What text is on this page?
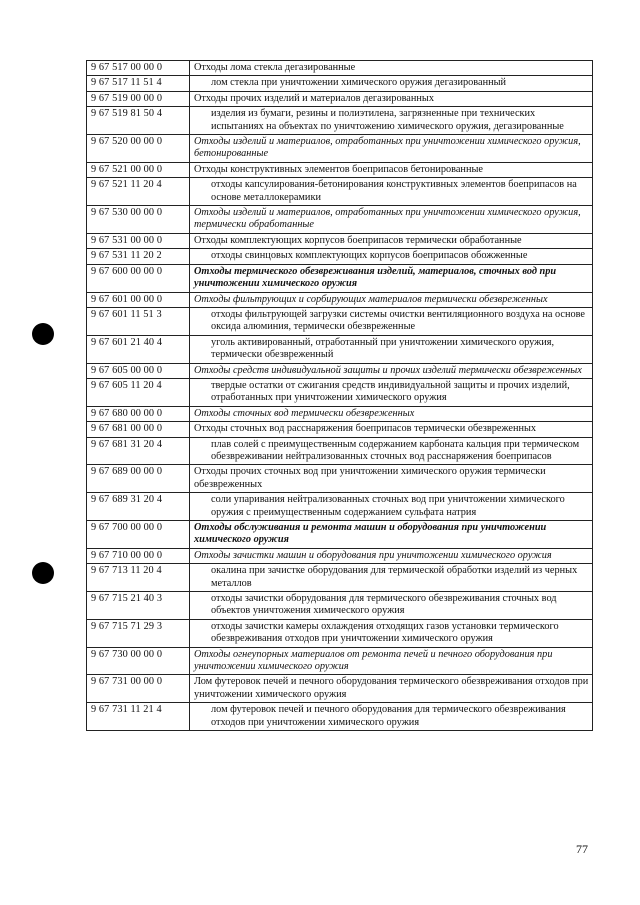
9 67 517 00 00 0	Отходы лома стекла дегазированные
9 67 517 11 51 4	лом стекла при уничтожении химического оружия дегазированный
9 67 519 00 00 0	Отходы прочих изделий и материалов дегазированных
9 67 519 81 50 4	изделия из бумаги, резины и полиэтилена, загрязненные при технических испытаниях на объектах по уничтожению химического оружия, дегазированные
9 67 520 00 00 0	Отходы изделий и материалов, отработанных при уничтожении химического оружия, бетонированные
9 67 521 00 00 0	Отходы конструктивных элементов боеприпасов бетонированные
9 67 521 11 20 4	отходы капсулирования-бетонирования конструктивных элементов боеприпасов на основе металлокерамики
9 67 530 00 00 0	Отходы изделий и материалов, отработанных при уничтожении химического оружия, термически обработанные
9 67 531 00 00 0	Отходы комплектующих корпусов боеприпасов термически обработанные
9 67 531 11 20 2	отходы свинцовых комплектующих корпусов боеприпасов обожженные
9 67 600 00 00 0	Отходы термического обезвреживания изделий, материалов, сточных вод при уничтожении химического оружия
9 67 601 00 00 0	Отходы фильтрующих и сорбирующих материалов термически обезвреженных
9 67 601 11 51 3	отходы фильтрующей загрузки системы очистки вентиляционного воздуха на основе оксида алюминия, термически обезвреженные
9 67 601 21 40 4	уголь активированный, отработанный при уничтожении химического оружия, термически обезвреженный
9 67 605 00 00 0	Отходы средств индивидуальной защиты и прочих изделий термически обезвреженных
9 67 605 11 20 4	твердые остатки от сжигания средств индивидуальной защиты и прочих изделий, отработанных при уничтожении химического оружия
9 67 680 00 00 0	Отходы сточных вод термически обезвреженных
9 67 681 00 00 0	Отходы сточных вод расснаряжения боеприпасов термически обезвреженных
9 67 681 31 20 4	плав солей с преимущественным содержанием карбоната кальция при термическом обезвреживании нейтрализованных сточных вод расснаряжения боеприпасов
9 67 689 00 00 0	Отходы прочих сточных вод при уничтожении химического оружия термически обезвреженных
9 67 689 31 20 4	соли упаривания нейтрализованных сточных вод при уничтожении химического оружия с преимущественным содержанием сульфата натрия
9 67 700 00 00 0	Отходы обслуживания и ремонта машин и оборудования при уничтожении химического оружия
9 67 710 00 00 0	Отходы зачистки машин и оборудования при уничтожении химического оружия
9 67 713 11 20 4	окалина при зачистке оборудования для термической обработки изделий из черных металлов
9 67 715 21 40 3	отходы зачистки оборудования для термического обезвреживания сточных вод объектов уничтожения химического оружия
9 67 715 71 29 3	отходы зачистки камеры охлаждения отходящих газов установки термического обезвреживания отходов при уничтожении химического оружия
9 67 730 00 00 0	Отходы огнеупорных материалов от ремонта печей и печного оборудования при уничтожении химического оружия
9 67 731 00 00 0	Лом футеровок печей и печного оборудования термического обезвреживания отходов при уничтожении химического оружия
9 67 731 11 21 4	лом футеровок печей и печного оборудования для термического обезвреживания отходов при уничтожении химического оружия
77
